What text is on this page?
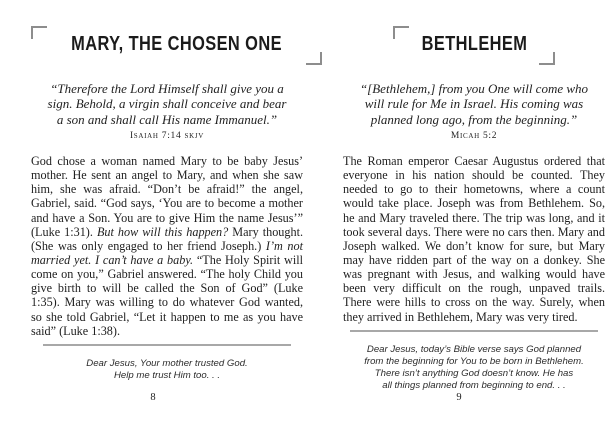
MARY, THE CHOSEN ONE

“Therefore the Lord Himself shall give you a sign. Behold, a virgin shall conceive and bear a son and shall call His name Immanuel.”

Isaiah 7:14 skjv

God chose a woman named Mary to be baby Jesus’ mother. He sent an angel to Mary, and when she saw him, she was afraid. “Don’t be afraid!” the angel, Gabriel, said. “God says, ‘You are to become a mother and have a Son. You are to give Him the name Jesus’” (Luke 1:31). But how will this happen? Mary thought. (She was only engaged to her friend Joseph.) I’m not married yet. I can’t have a baby. “The Holy Spirit will come on you,” Gabriel answered. “The holy Child you give birth to will be called the Son of God” (Luke 1:35). Mary was willing to do whatever God wanted, so she told Gabriel, “Let it happen to me as you have said” (Luke 1:38).

Dear Jesus, Your mother trusted God.
Help me trust Him too. . .
8
BETHLEHEM

“[Bethlehem,] from you One will come who will rule for Me in Israel. His coming was planned long ago, from the beginning.”

Micah 5:2

The Roman emperor Caesar Augustus ordered that everyone in his nation should be counted. They needed to go to their hometowns, where a count would take place. Joseph was from Bethlehem. So, he and Mary traveled there. The trip was long, and it took several days. There were no cars then. Mary and Joseph walked. We don’t know for sure, but Mary may have ridden part of the way on a donkey. She was pregnant with Jesus, and walking would have been very difficult on the rough, unpaved trails. There were hills to cross on the way. Surely, when they arrived in Bethlehem, Mary was very tired.

Dear Jesus, today’s Bible verse says God planned
from the beginning for You to be born in Bethlehem.
There isn’t anything God doesn’t know. He has
all things planned from beginning to end. . .
9
